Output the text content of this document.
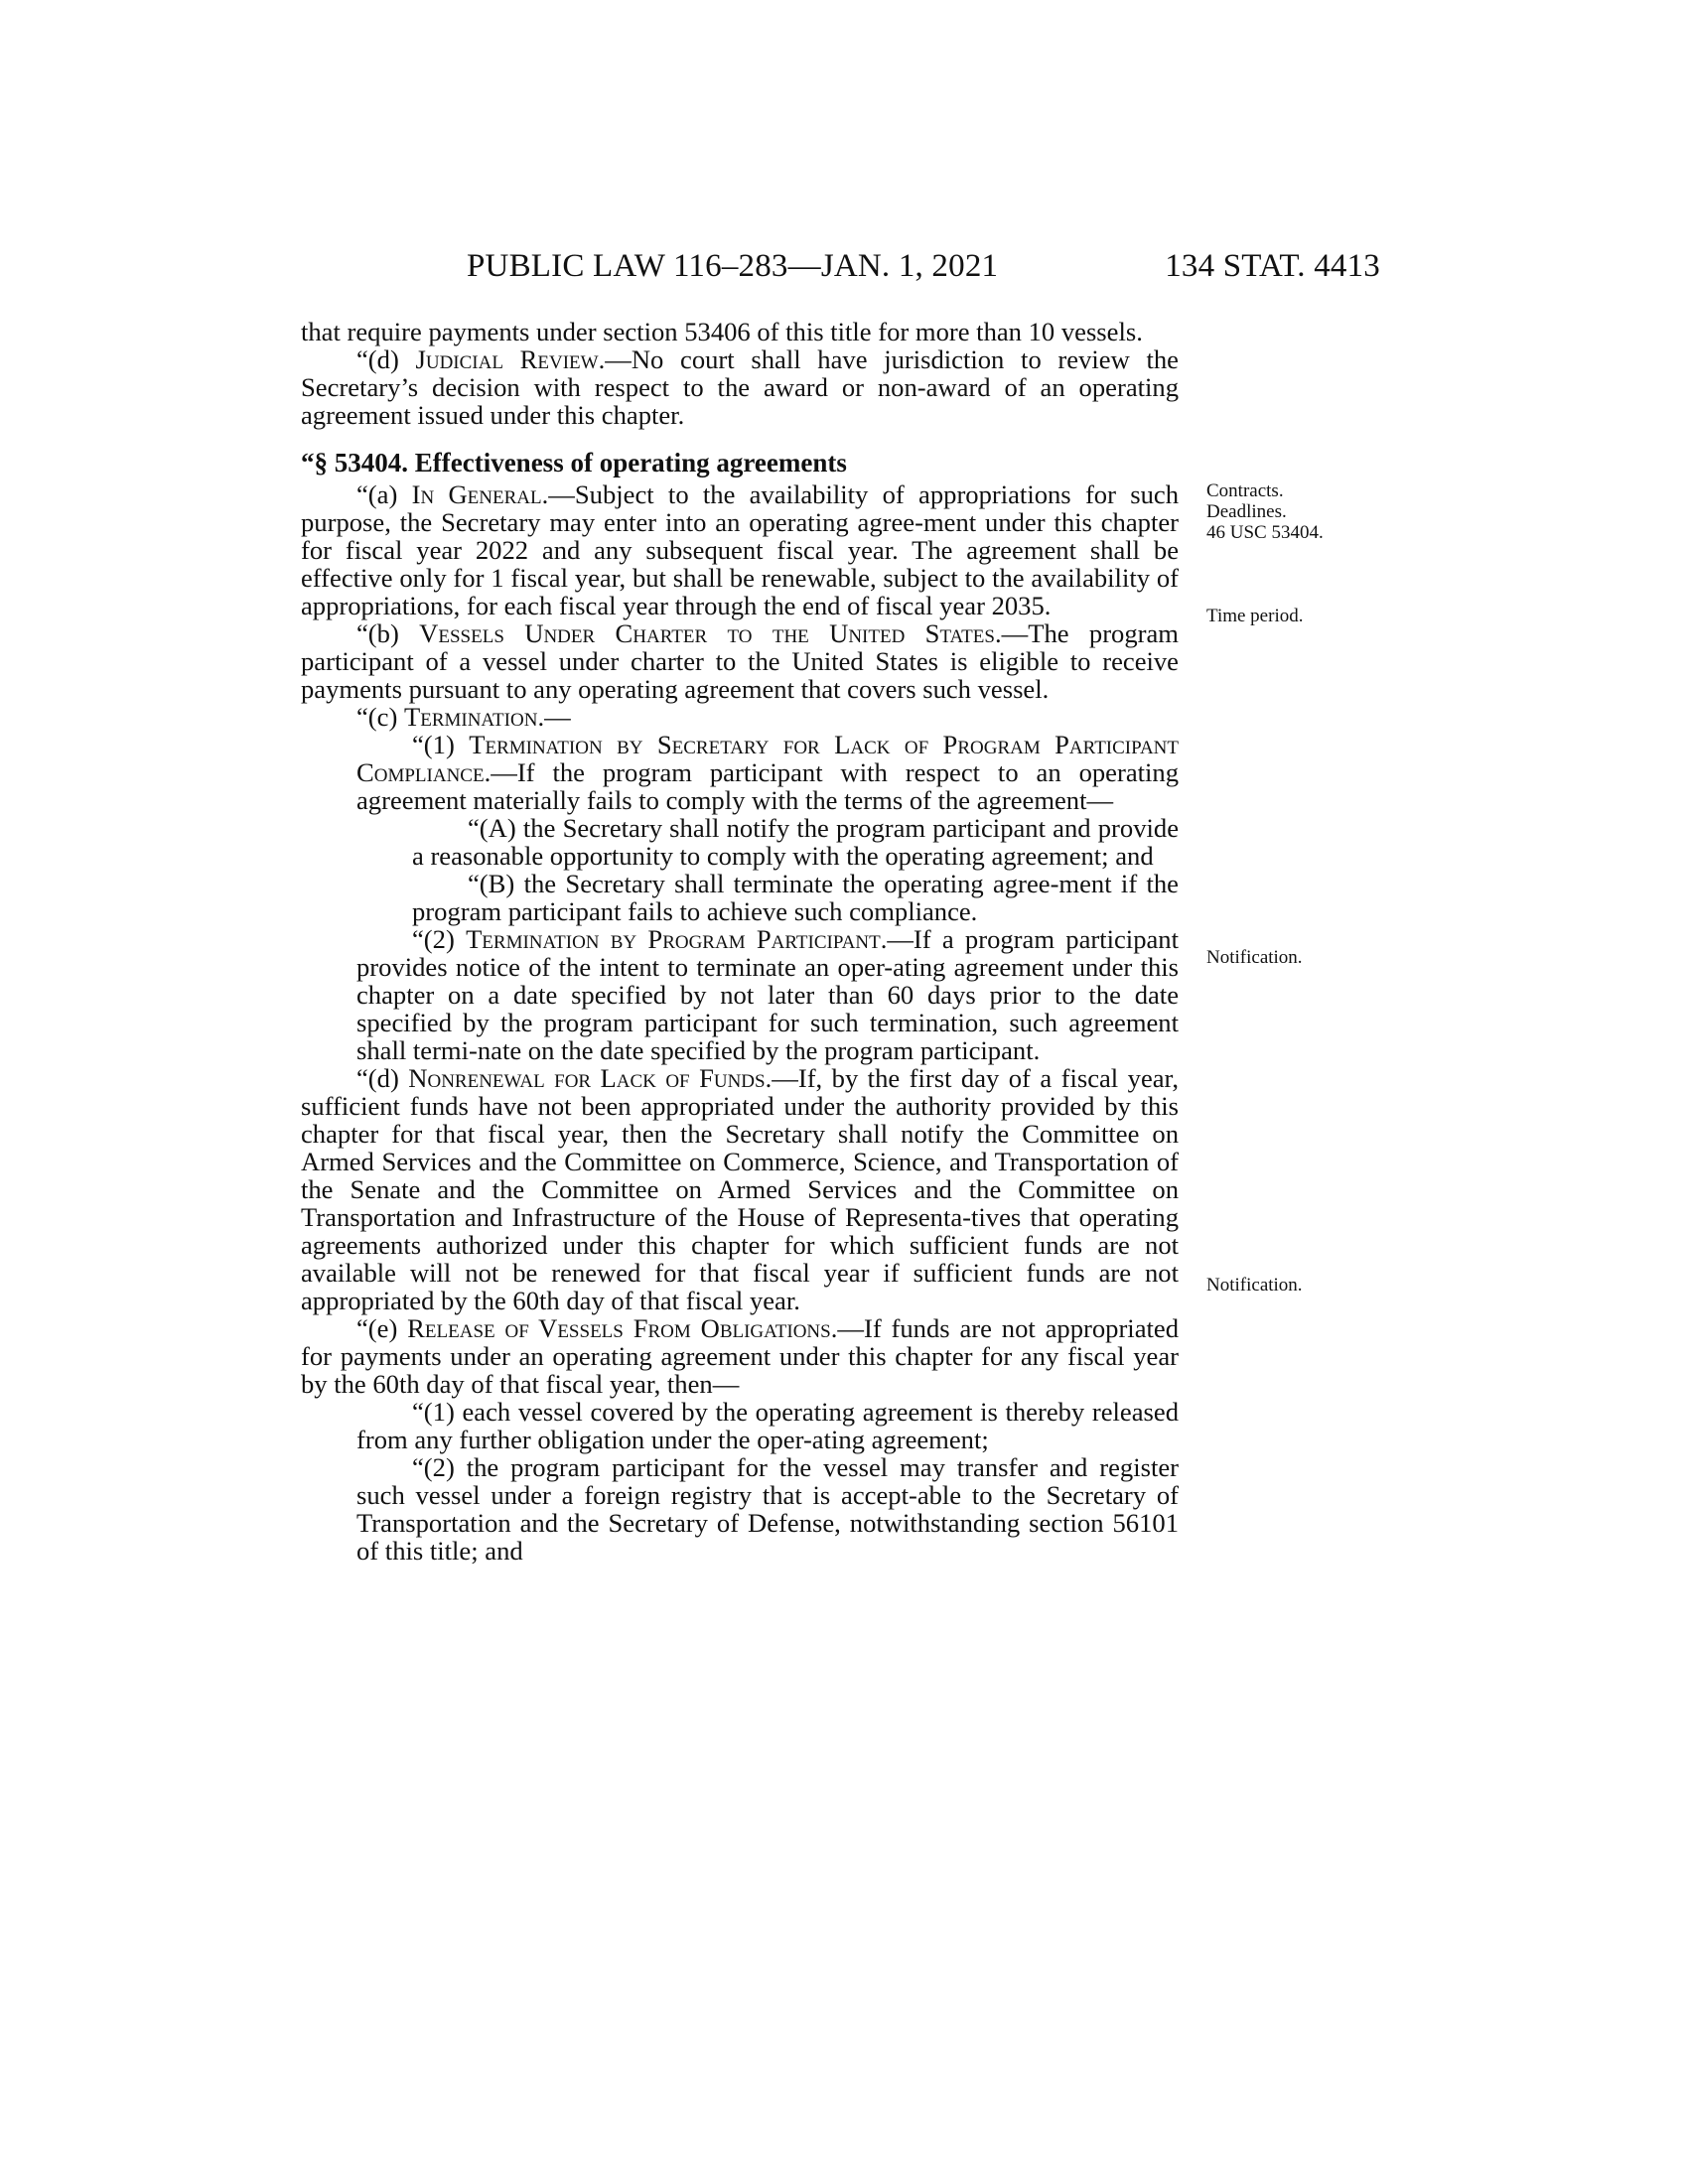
PUBLIC LAW 116–283—JAN. 1, 2021	134 STAT. 4413

that require payments under section 53406 of this title for more than 10 vessels.

“(d) Judicial Review.—No court shall have jurisdiction to review the Secretary’s decision with respect to the award or non-award of an operating agreement issued under this chapter.

“§ 53404. Effectiveness of operating agreements

“(a) In General.—Subject to the availability of appropriations for such purpose, the Secretary may enter into an operating agree-ment under this chapter for fiscal year 2022 and any subsequent fiscal year. The agreement shall be effective only for 1 fiscal year, but shall be renewable, subject to the availability of appropriations, for each fiscal year through the end of fiscal year 2035.

“(b) Vessels Under Charter to the United States.—The program participant of a vessel under charter to the United States is eligible to receive payments pursuant to any operating agreement that covers such vessel.

“(c) Termination.—

“(1) Termination by Secretary for Lack of Program Participant Compliance.—If the program participant with respect to an operating agreement materially fails to comply with the terms of the agreement—

“(A) the Secretary shall notify the program participant and provide a reasonable opportunity to comply with the operating agreement; and

“(B) the Secretary shall terminate the operating agree-ment if the program participant fails to achieve such compliance.

“(2) Termination by Program Participant.—If a program participant provides notice of the intent to terminate an oper-ating agreement under this chapter on a date specified by not later than 60 days prior to the date specified by the program participant for such termination, such agreement shall termi-nate on the date specified by the program participant.

“(d) Nonrenewal for Lack of Funds.—If, by the first day of a fiscal year, sufficient funds have not been appropriated under the authority provided by this chapter for that fiscal year, then the Secretary shall notify the Committee on Armed Services and the Committee on Commerce, Science, and Transportation of the Senate and the Committee on Armed Services and the Committee on Transportation and Infrastructure of the House of Representa-tives that operating agreements authorized under this chapter for which sufficient funds are not available will not be renewed for that fiscal year if sufficient funds are not appropriated by the 60th day of that fiscal year.

“(e) Release of Vessels From Obligations.—If funds are not appropriated for payments under an operating agreement under this chapter for any fiscal year by the 60th day of that fiscal year, then—

“(1) each vessel covered by the operating agreement is thereby released from any further obligation under the oper-ating agreement;

“(2) the program participant for the vessel may transfer and register such vessel under a foreign registry that is accept-able to the Secretary of Transportation and the Secretary of Defense, notwithstanding section 56101 of this title; and

Contracts.
Deadlines.
46 USC 53404.
Time period.
Notification.
Notification.
